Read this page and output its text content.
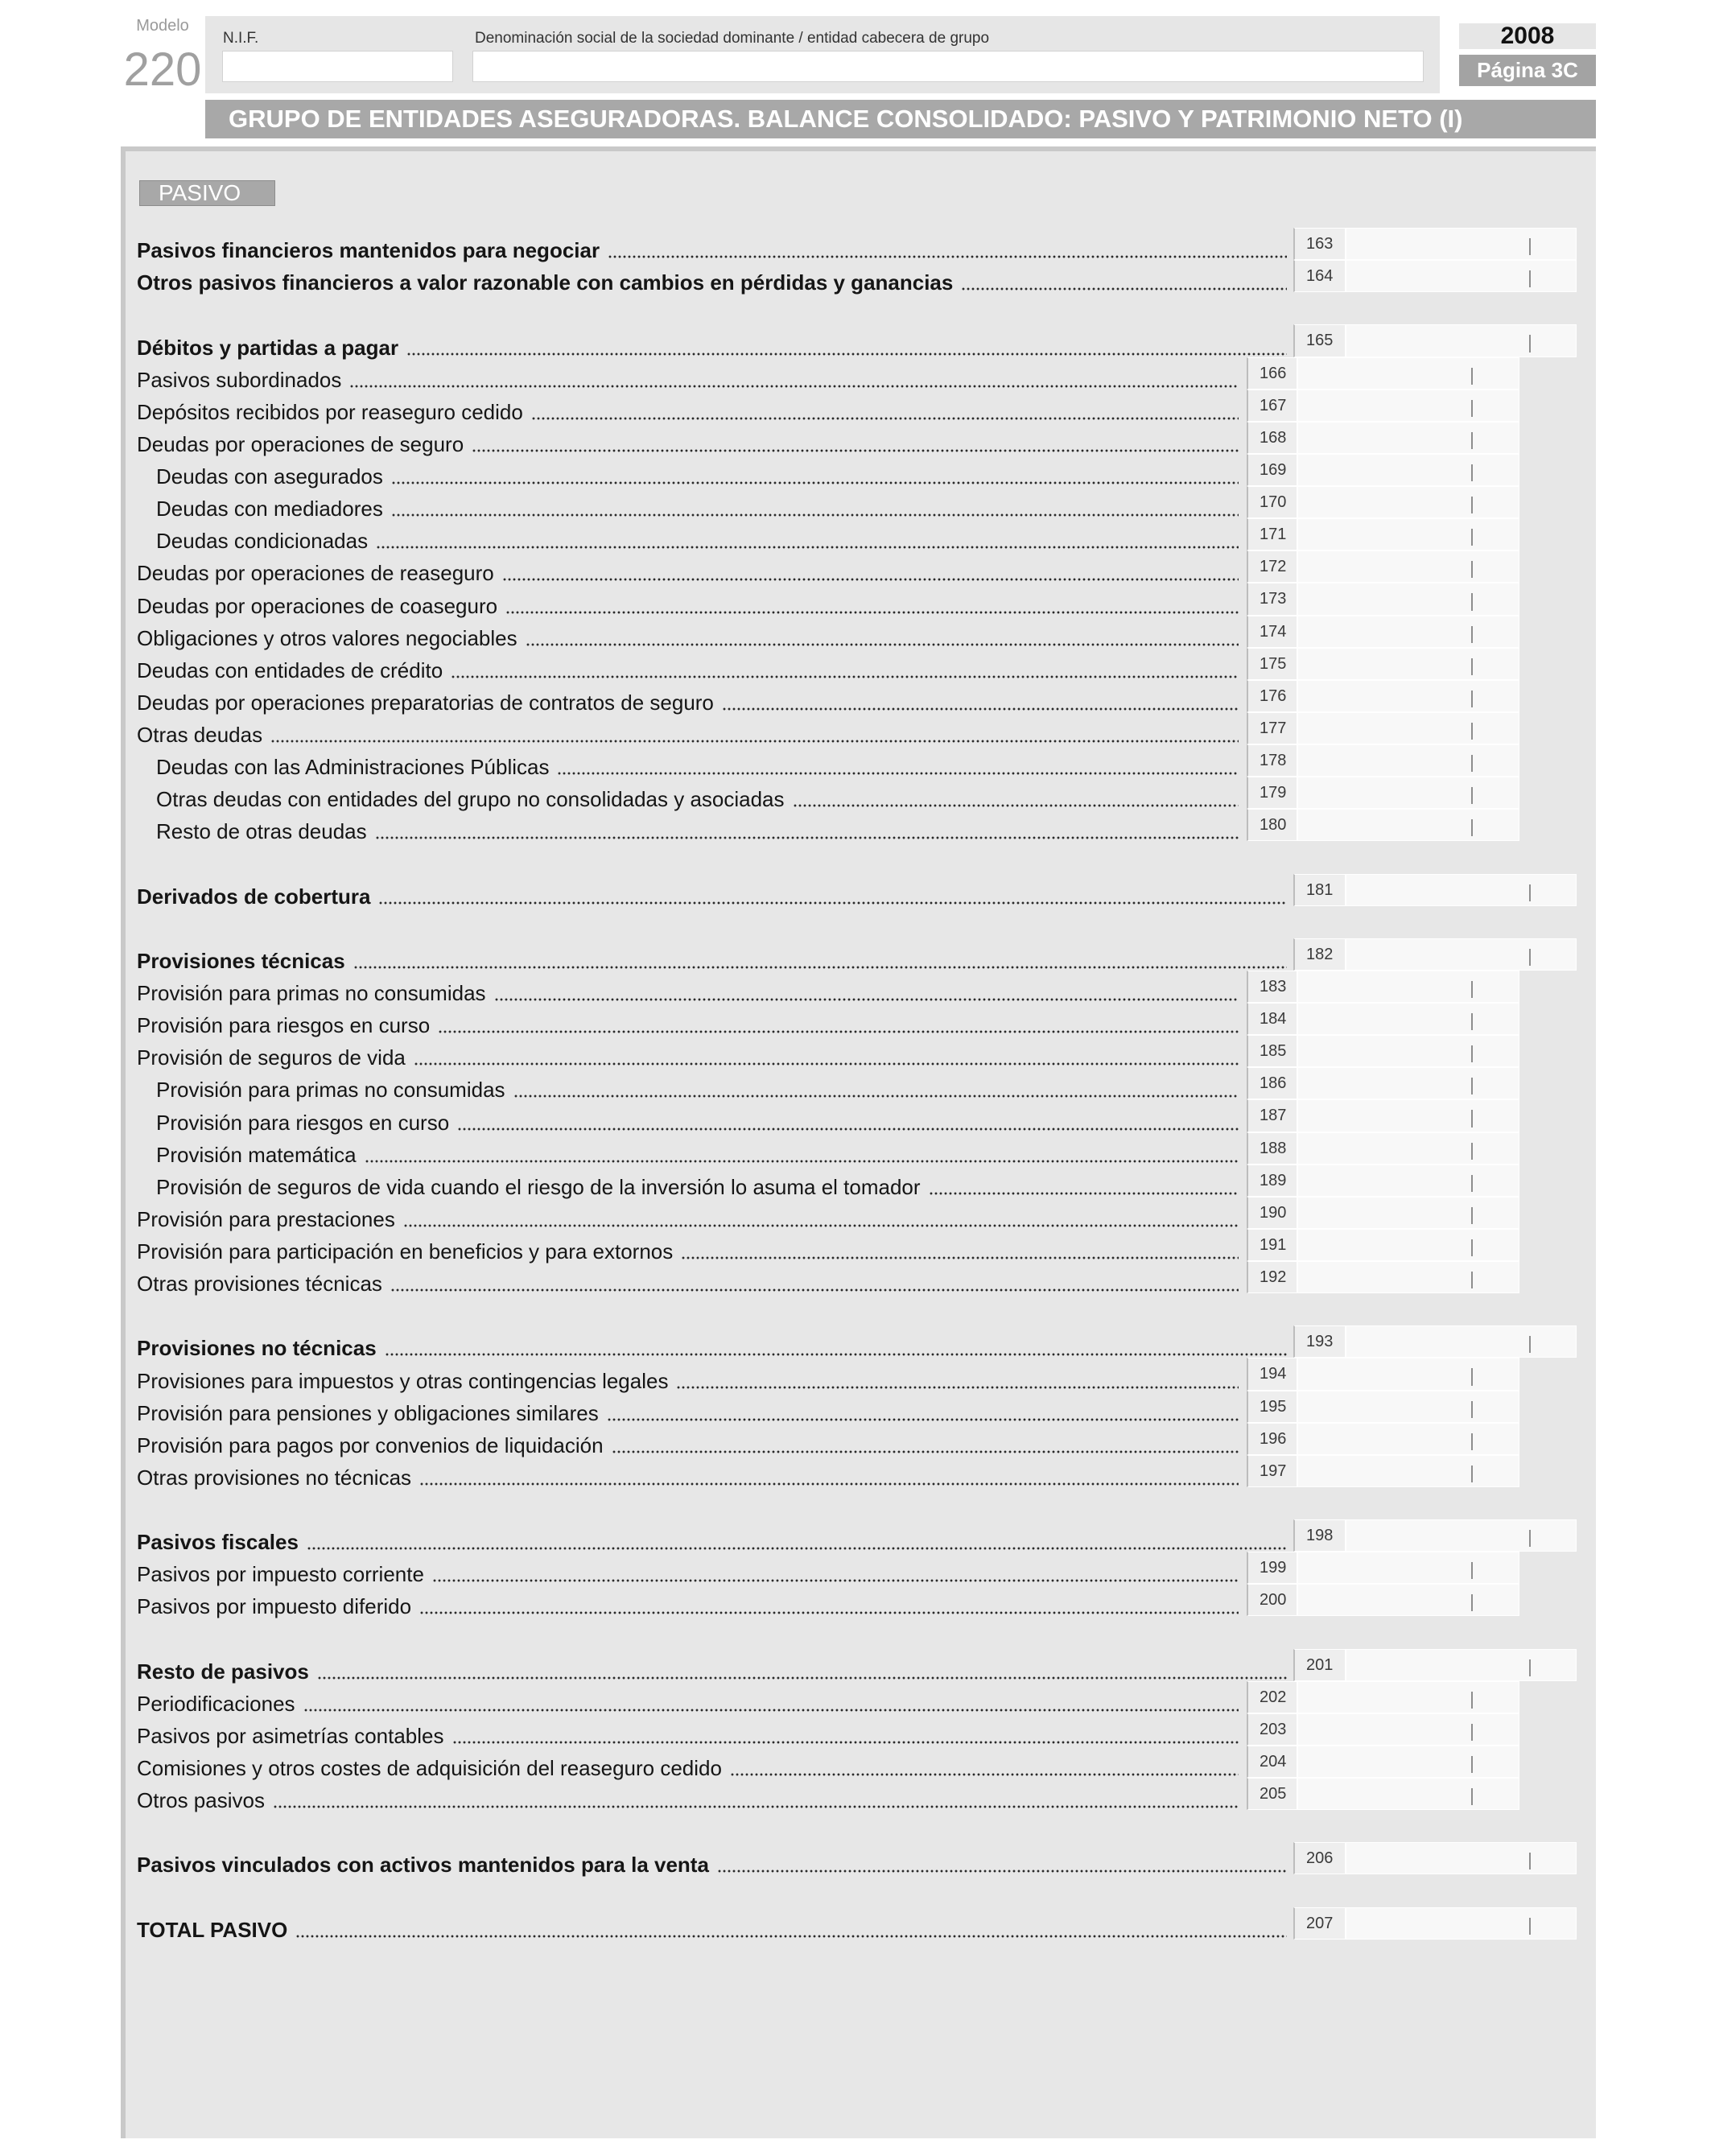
Modelo
220
N.I.F.	Denominación social de la sociedad dominante / entidad cabecera de grupo	2008
Página 3C
GRUPO DE ENTIDADES ASEGURADORAS. BALANCE CONSOLIDADO: PASIVO Y PATRIMONIO NETO (I)
PASIVO
Pasivos financieros mantenidos para negociar	163
Otros pasivos financieros a valor razonable con cambios en pérdidas y ganancias	164
Débitos y partidas a pagar	165
Pasivos subordinados	166
Depósitos recibidos por reaseguro cedido	167
Deudas por operaciones de seguro	168
Deudas con asegurados	169
Deudas con mediadores	170
Deudas condicionadas	171
Deudas por operaciones de reaseguro	172
Deudas por operaciones de coaseguro	173
Obligaciones y otros valores negociables	174
Deudas con entidades de crédito	175
Deudas por operaciones preparatorias de contratos de seguro	176
Otras deudas	177
Deudas con las Administraciones Públicas	178
Otras deudas con entidades del grupo no consolidadas y asociadas	179
Resto de otras deudas	180
Derivados de cobertura	181
Provisiones técnicas	182
Provisión para primas no consumidas	183
Provisión para riesgos en curso	184
Provisión de seguros de vida	185
Provisión para primas no consumidas	186
Provisión para riesgos en curso	187
Provisión matemática	188
Provisión de seguros de vida cuando el riesgo de la inversión lo asuma el tomador	189
Provisión para prestaciones	190
Provisión para participación en beneficios y para extornos	191
Otras provisiones técnicas	192
Provisiones no técnicas	193
Provisiones para impuestos y otras contingencias legales	194
Provisión para pensiones y obligaciones similares	195
Provisión para pagos por convenios de liquidación	196
Otras provisiones no técnicas	197
Pasivos fiscales	198
Pasivos por impuesto corriente	199
Pasivos por impuesto diferido	200
Resto de pasivos	201
Periodificaciones	202
Pasivos por asimetrías contables	203
Comisiones y otros costes de adquisición del reaseguro cedido	204
Otros pasivos	205
Pasivos vinculados con activos mantenidos para la venta	206
TOTAL PASIVO	207
